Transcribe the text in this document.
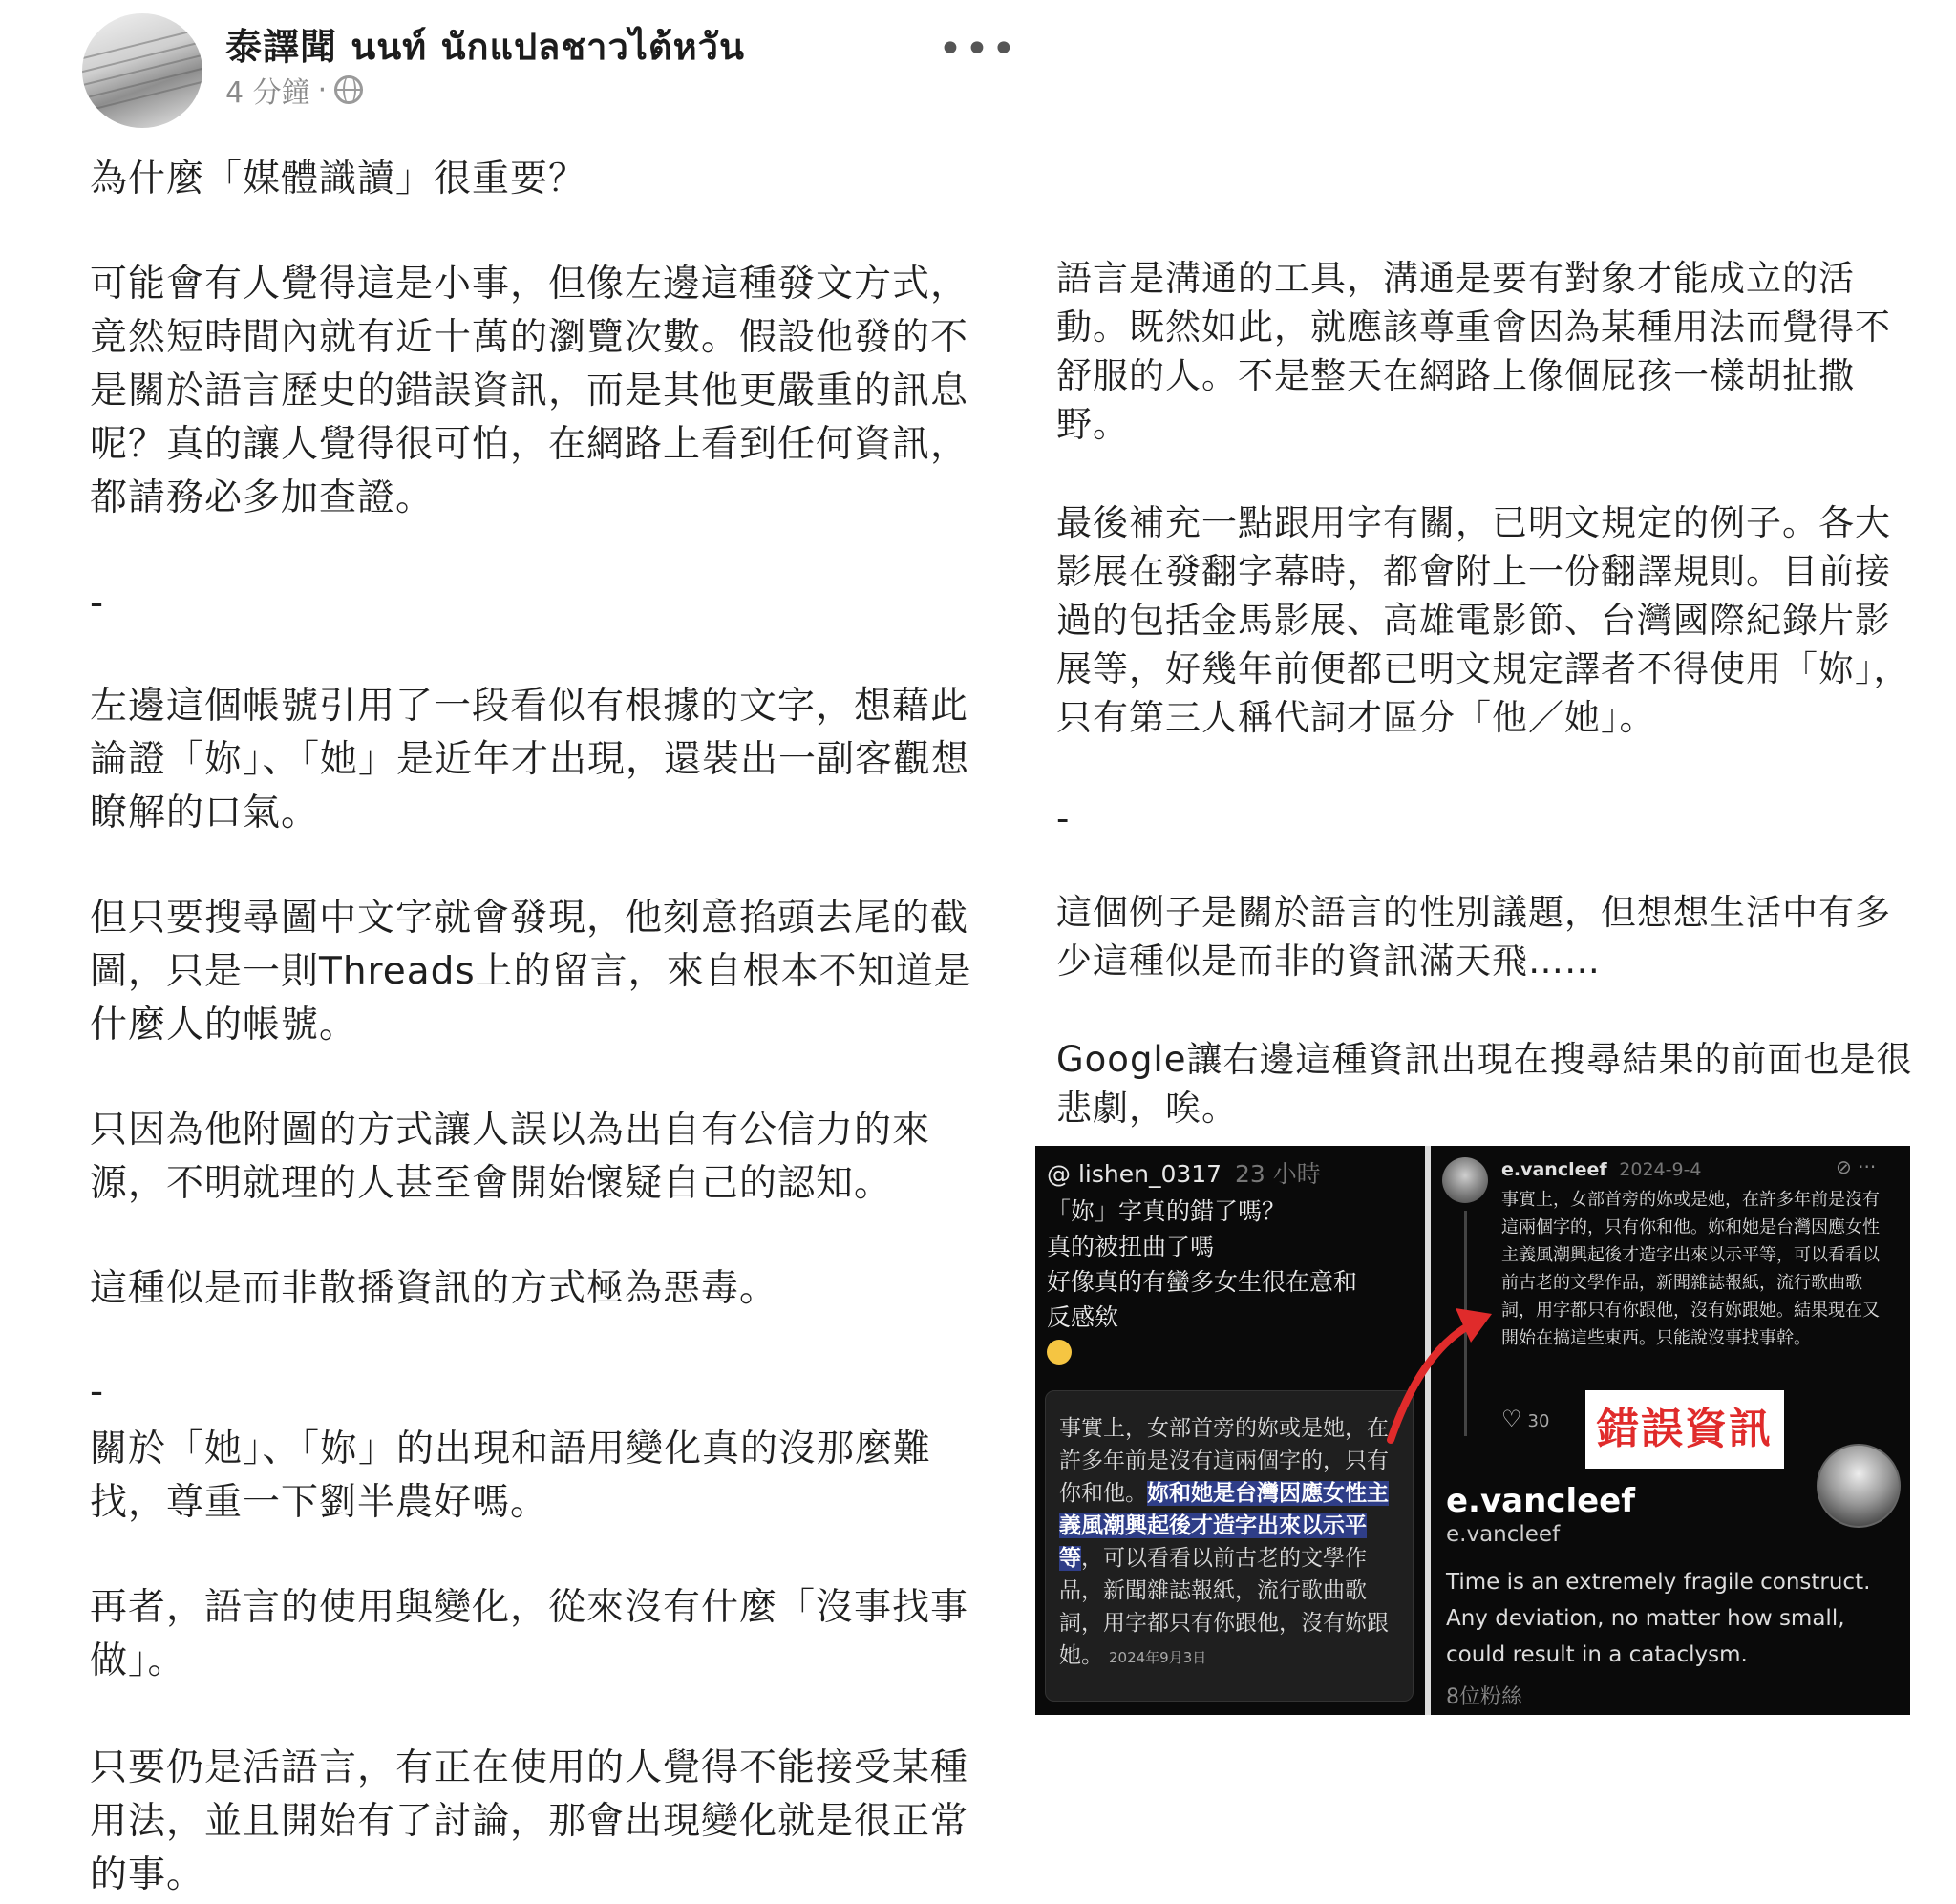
泰譯聞 นนท์ นักแปลชาวไต้หวัน
4 分鐘 ·
•••
為什麼「媒體識讀」很重要？
可能會有人覺得這是小事，但像左邊這種發文方式，竟然短時間內就有近十萬的瀏覽次數。假設他發的不是關於語言歷史的錯誤資訊，而是其他更嚴重的訊息呢？真的讓人覺得很可怕，在網路上看到任何資訊，都請務必多加查證。
-
左邊這個帳號引用了一段看似有根據的文字，想藉此論證「妳」、「她」是近年才出現，還裝出一副客觀想瞭解的口氣。
但只要搜尋圖中文字就會發現，他刻意掐頭去尾的截圖，只是一則Threads上的留言，來自根本不知道是什麼人的帳號。
只因為他附圖的方式讓人誤以為出自有公信力的來源，不明就理的人甚至會開始懷疑自己的認知。
這種似是而非散播資訊的方式極為惡毒。
-
關於「她」、「妳」的出現和語用變化真的沒那麼難找，尊重一下劉半農好嗎。
再者，語言的使用與變化，從來沒有什麼「沒事找事做」。
只要仍是活語言，有正在使用的人覺得不能接受某種用法，並且開始有了討論，那會出現變化就是很正常的事。
語言是溝通的工具，溝通是要有對象才能成立的活動。既然如此，就應該尊重會因為某種用法而覺得不舒服的人。不是整天在網路上像個屁孩一樣胡扯撒野。
最後補充一點跟用字有關，已明文規定的例子。各大影展在發翻字幕時，都會附上一份翻譯規則。目前接過的包括金馬影展、高雄電影節、台灣國際紀錄片影展等，好幾年前便都已明文規定譯者不得使用「妳」，只有第三人稱代詞才區分「他／她」。
-
這個例子是關於語言的性別議題，但想想生活中有多少這種似是而非的資訊滿天飛……
Google讓右邊這種資訊出現在搜尋結果的前面也是很悲劇，唉。
@ lishen_0317 23 小時
「妳」字真的錯了嗎？
真的被扭曲了嗎
好像真的有蠻多女生很在意和
反感欸
事實上，女部首旁的妳或是她，在許多年前是沒有這兩個字的，只有你和他。妳和她是台灣因應女性主義風潮興起後才造字出來以示平等，可以看看以前古老的文學作品，新聞雜誌報紙，流行歌曲歌詞，用字都只有你跟他，沒有妳跟她。 2024年9月3日
e.vancleef 2024-9-4	⊘ ···
事實上，女部首旁的妳或是她，在許多年前是沒有這兩個字的，只有你和他。妳和她是台灣因應女性主義風潮興起後才造字出來以示平等，可以看看以前古老的文學作品，新聞雜誌報紙，流行歌曲歌詞，用字都只有你跟他，沒有妳跟她。結果現在又開始在搞這些東西。只能說沒事找事幹。
♡ 30 錯誤資訊
e.vancleef
e.vancleef
Time is an extremely fragile construct.
Any deviation, no matter how small,
could result in a cataclysm.
8位粉絲
